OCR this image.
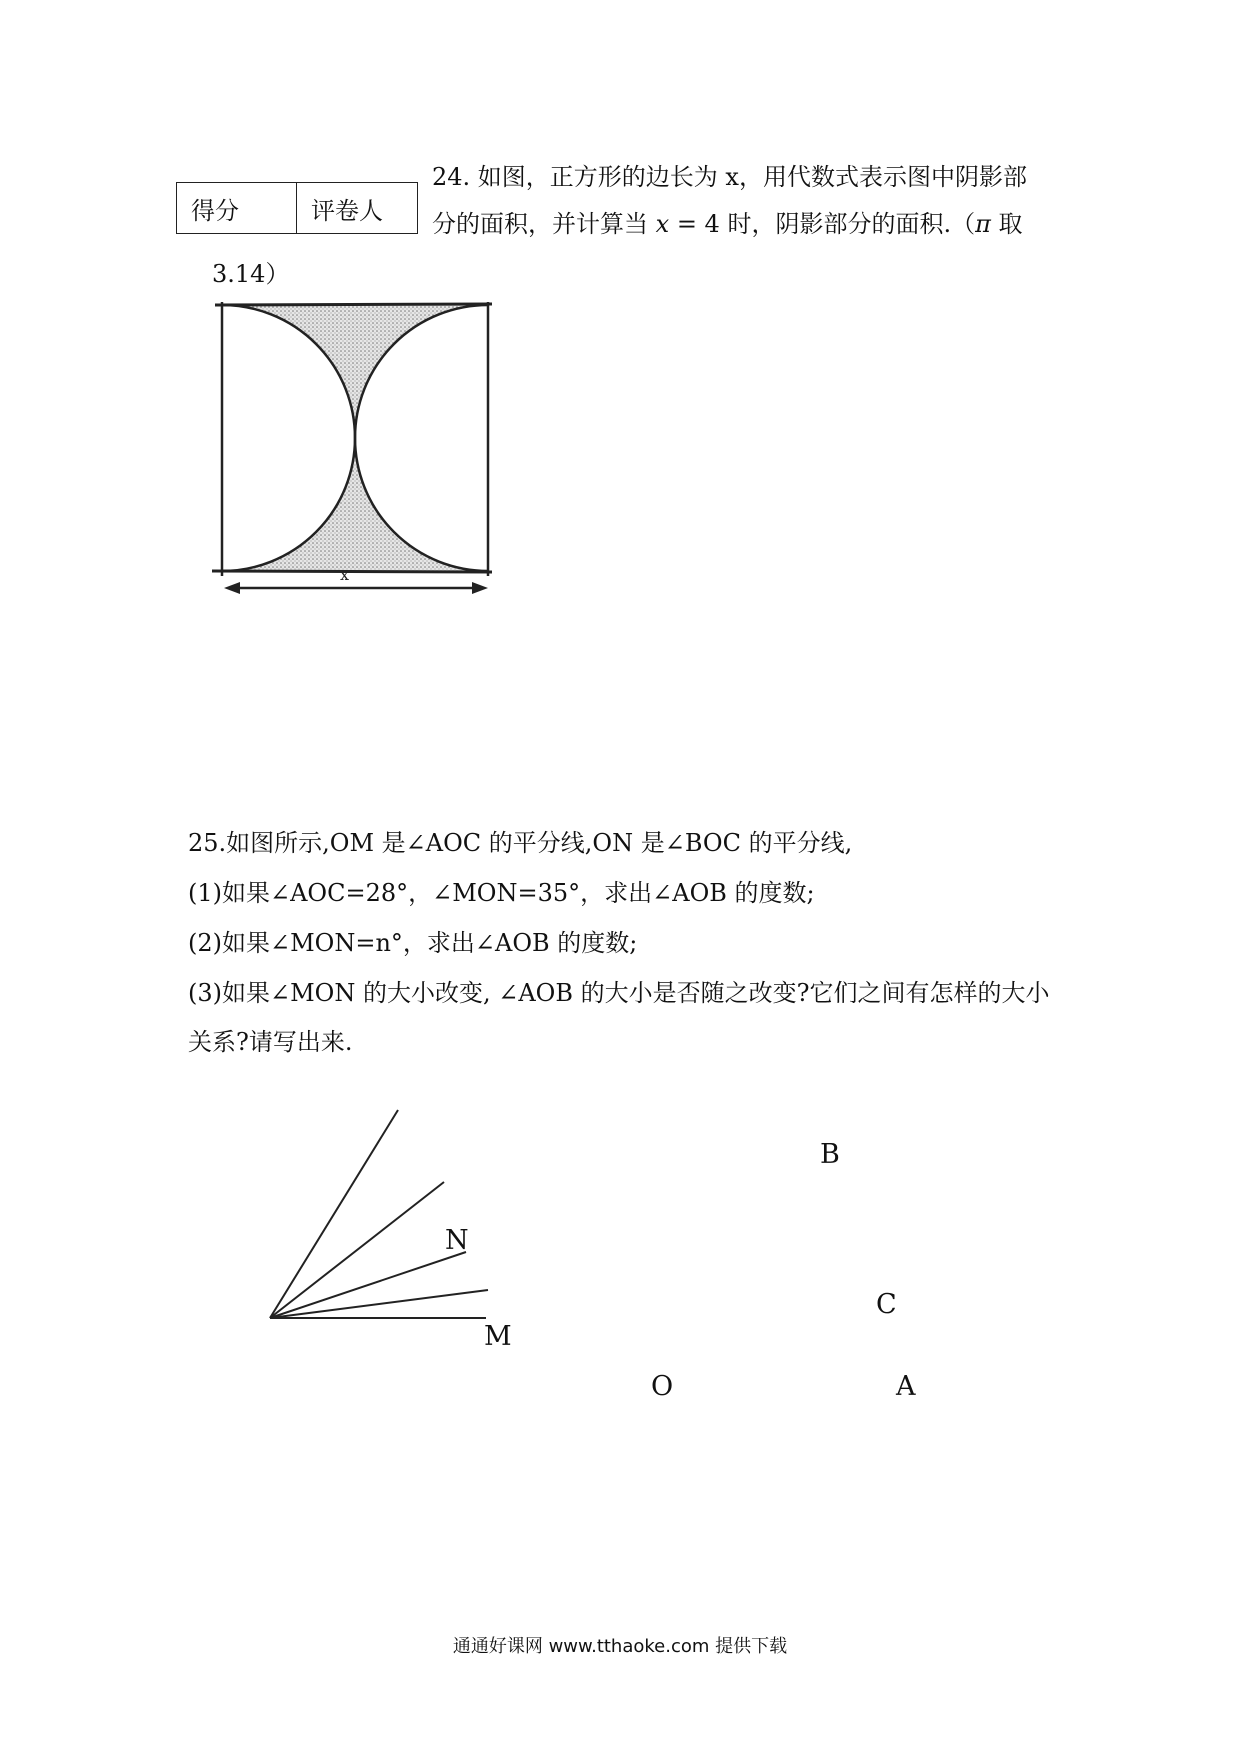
得分	评卷人
24. 如图，正方形的边长为 x，用代数式表示图中阴影部
分的面积，并计算当 x = 4 时，阴影部分的面积.（π 取
3.14）
x
25.如图所示,OM 是∠AOC 的平分线,ON 是∠BOC 的平分线,
(1)如果∠AOC=28°，∠MON=35°，求出∠AOB 的度数;
(2)如果∠MON=n°，求出∠AOB 的度数;
(3)如果∠MON 的大小改变, ∠AOB 的大小是否随之改变?它们之间有怎样的大小
关系?请写出来.
N
M
B
C
O	A
通通好课网 www.tthaoke.com 提供下载
